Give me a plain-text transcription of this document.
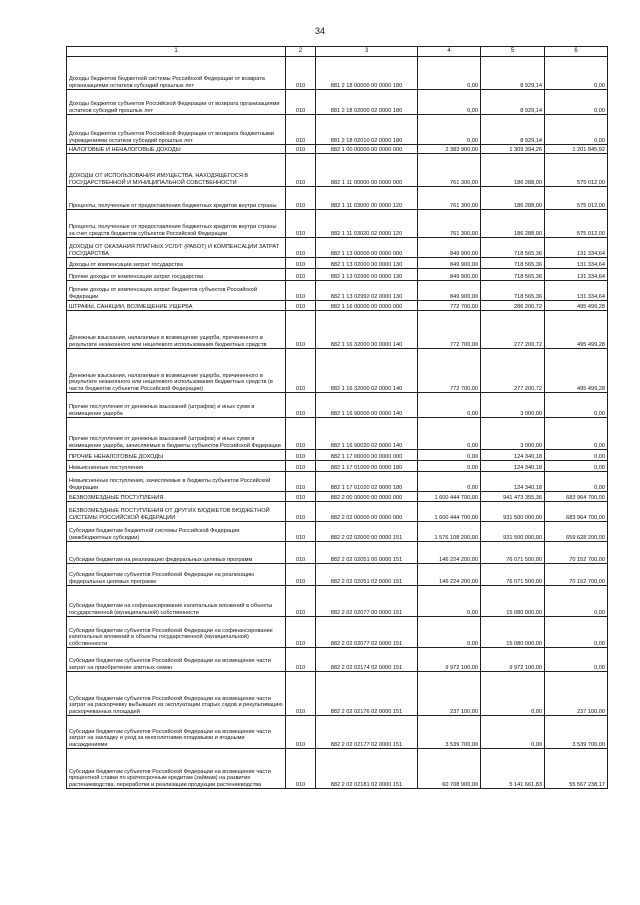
34
1	2	3	4	5	6
Доходы бюджетов бюджетной системы Российской Федерации от возврата организациями остатков субсидий прошлых лет	010	881 2 18 00000 00 0000 180	0,00	8 929,14	0,00
Доходы бюджетов субъектов Российской Федерации от возврата организациями остатков субсидий прошлых лет	010	881 2 18 02000 02 0000 180	0,00	8 929,14	0,00
Доходы бюджетов субъектов Российской Федерации от возврата бюджетными учреждениями остатков субсидий прошлых лет	010	881 2 18 02010 02 0000 180	0,00	8 929,14	0,00
НАЛОГОВЫЕ И НЕНАЛОГОВЫЕ ДОХОДЫ	010	882 1 00 00000 00 0000 000	2 383 900,00	1 309 394,26	1 201 845,92
ДОХОДЫ ОТ ИСПОЛЬЗОВАНИЯ ИМУЩЕСТВА, НАХОДЯЩЕГОСЯ В ГОСУДАРСТВЕННОЙ И МУНИЦИПАЛЬНОЙ СОБСТВЕННОСТИ	010	882 1 11 00000 00 0000 000	761 300,00	186 288,00	575 012,00
Проценты, полученные от предоставления бюджетных кредитов внутри страны	010	882 1 11 03000 00 0000 120	761 300,00	186 288,00	575 012,00
Проценты, полученные от предоставления бюджетных кредитов внутри страны за счет средств бюджетов субъектов Российской Федерации	010	882 1 11 03020 02 0000 120	761 300,00	186 288,00	575 012,00
ДОХОДЫ ОТ ОКАЗАНИЯ ПЛАТНЫХ УСЛУГ (РАБОТ) И КОМПЕНСАЦИИ ЗАТРАТ ГОСУДАРСТВА	010	882 1 13 00000 00 0000 000	849 900,00	718 565,36	131 334,64
Доходы от компенсации затрат государства	010	882 1 13 02000 00 0000 130	849 900,00	718 565,36	131 334,64
Прочие доходы от компенсации затрат государства	010	882 1 13 02990 00 0000 130	849 900,00	718 565,36	131 334,64
Прочие доходы от компенсации затрат бюджетов субъектов Российской Федерации	010	882 1 13 02992 02 0000 130	849 900,00	718 565,36	131 334,64
ШТРАФЫ, САНКЦИИ, ВОЗМЕЩЕНИЕ УЩЕРБА	010	882 1 16 00000 00 0000 000	772 700,00	286 200,72	495 499,28
Денежные взыскания, налагаемые в возмещение ущерба, причиненного в результате незаконного или нецелевого использования бюджетных средств	010	882 1 16 32000 00 0000 140	772 700,00	277 200,72	495 499,28
Денежные взыскания, налагаемые в возмещение ущерба, причиненного в результате незаконного или нецелевого использования бюджетных средств (в части бюджетов субъектов Российской Федерации)	010	882 1 16 32000 02 0000 140	772 700,00	277 200,72	495 499,28
Прочие поступления от денежных взысканий (штрафов) и иных сумм в возмещение ущерба	010	882 1 16 90000 00 0000 140	0,00	3 000,00	0,00
Прочие поступления от денежных взысканий (штрафов) и иных сумм в возмещение ущерба, зачисляемые в бюджеты субъектов Российской Федерации	010	882 1 16 90020 02 0000 140	0,00	3 000,00	0,00
ПРОЧИЕ НЕНАЛОГОВЫЕ ДОХОДЫ	010	882 1 17 00000 00 0000 000	0,00	124 340,18	0,00
Невыясненные поступления	010	882 1 17 01000 00 0000 180	0,00	124 340,18	0,00
Невыясненные поступления, зачисляемые в бюджеты субъектов Российской Федерации	010	882 1 17 01020 02 0000 180	0,00	124 340,18	0,00
БЕЗВОЗМЕЗДНЫЕ ПОСТУПЛЕНИЯ	010	882 2 00 00000 00 0000 000	1 600 444 700,00	941 473 355,36	683 964 700,00
БЕЗВОЗМЕЗДНЫЕ ПОСТУПЛЕНИЯ ОТ ДРУГИХ БЮДЖЕТОВ БЮДЖЕТНОЙ СИСТЕМЫ РОССИЙСКОЙ ФЕДЕРАЦИИ	010	882 2 02 00000 00 0000 000	1 600 444 700,00	931 500 000,00	683 964 700,00
Субсидии бюджетам бюджетной системы Российской Федерации (межбюджетные субсидии)	010	882 2 02 02000 00 0000 151	1 576 108 200,00	931 500 000,00	659 628 200,00
Субсидии бюджетам на реализацию федеральных целевых программ	010	882 2 02 02051 00 0000 151	146 224 200,00	76 071 500,00	70 152 700,00
Субсидии бюджетам субъектов Российской Федерации на реализацию федеральных целевых программ	010	882 2 02 02051 02 0000 151	146 224 200,00	76 071 500,00	70 152 700,00
Субсидии бюджетам на софинансирование капитальных вложений в объекты государственной (муниципальной) собственности	010	882 2 02 02077 00 0000 151	0,00	15 080 000,00	0,00
Субсидии бюджетам субъектов Российской Федерации на софинансирование капитальных вложений в объекты государственной (муниципальной) собственности	010	882 2 02 02077 02 0000 151	0,00	15 080 000,00	0,00
Субсидии бюджетам субъектов Российской Федерации на возмещение части затрат на приобретение элитных семян	010	882 2 02 02174 02 0000 151	9 972 100,00	9 972 100,00	0,00
Субсидии бюджетам субъектов Российской Федерации на возмещение части затрат на раскорчевку выбывших из эксплуатации старых садов и рекультивацию раскорчеванных площадей	010	882 2 02 02176 02 0000 151	237 100,00	0,00	237 100,00
Субсидии бюджетам субъектов Российской Федерации на возмещение части затрат на закладку и уход за многолетними плодовыми и ягодными насаждениями	010	882 2 02 02177 02 0000 151	3 539 700,00	0,00	3 539 700,00
Субсидии бюджетам субъектов Российской Федерации на возмещение части процентной ставки по краткосрочным кредитам (займам) на развитие растениеводства, переработки и реализации продукции растениеводства	010	882 2 02 02181 02 0000 151	60 708 900,00	5 141 661,83	55 567 238,17
